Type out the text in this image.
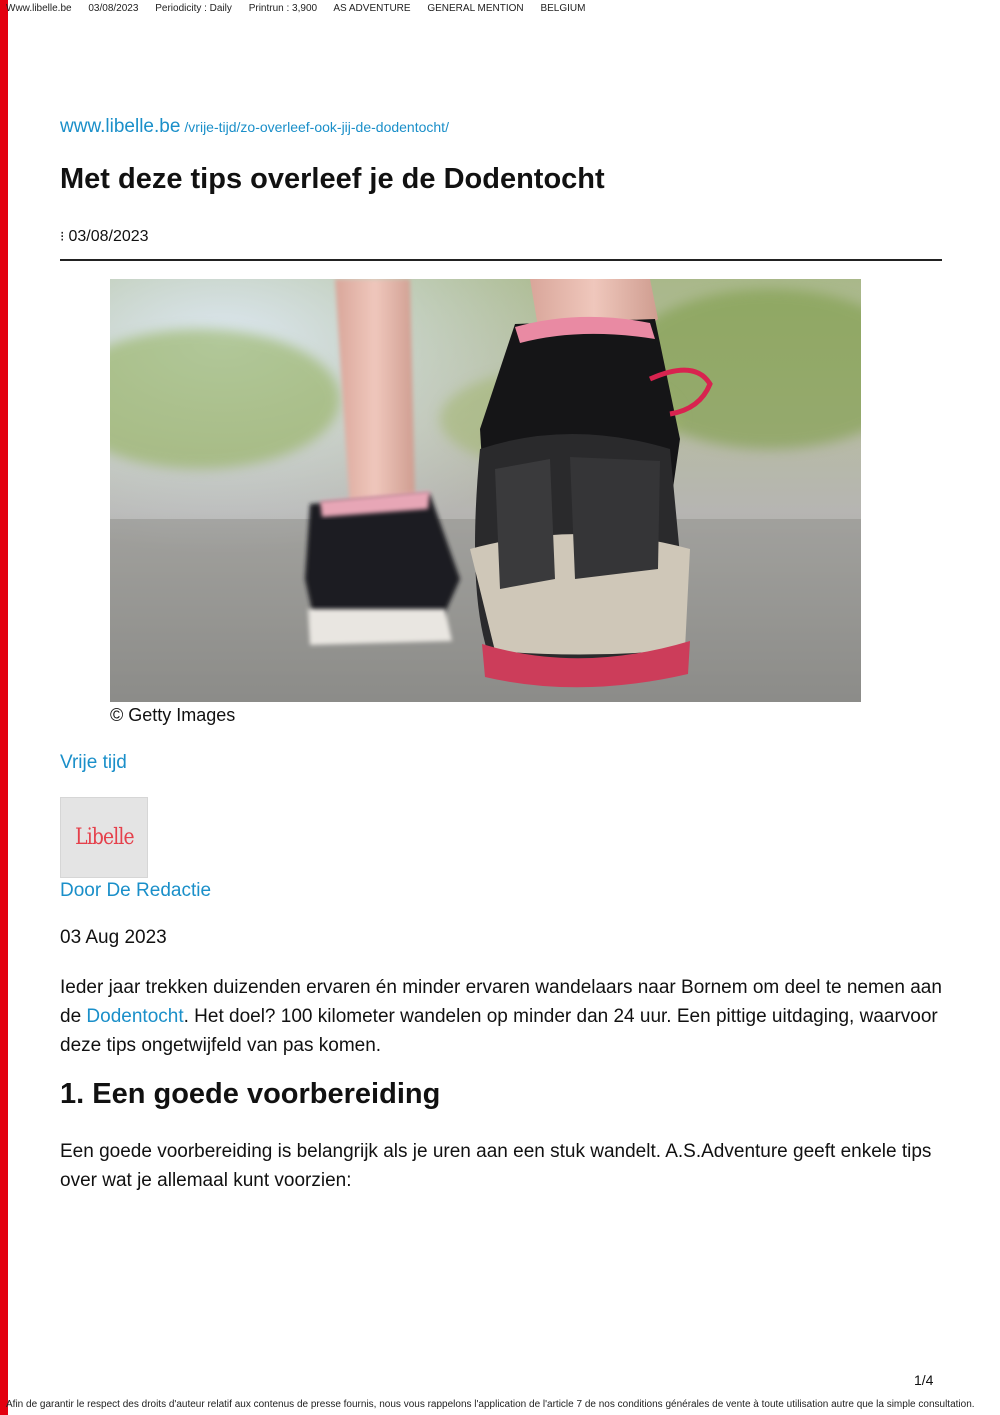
Www.libelle.be 03/08/2023 Periodicity : Daily Printrun : 3,900 AS ADVENTURE GENERAL MENTION BELGIUM
www.libelle.be /vrije-tijd/zo-overleef-ook-jij-de-dodentocht/
Met deze tips overleef je de Dodentocht
⁝ 03/08/2023
© Getty Images
Vrije tijd
Libelle
Door De Redactie
03 Aug 2023

Ieder jaar trekken duizenden ervaren én minder ervaren wandelaars naar Bornem om deel te nemen aan de Dodentocht. Het doel? 100 kilometer wandelen op minder dan 24 uur. Een pittige uitdaging, waarvoor deze tips ongetwijfeld van pas komen.

1. Een goede voorbereiding

Een goede voorbereiding is belangrijk als je uren aan een stuk wandelt. A.S.Adventure geeft enkele tips over wat je allemaal kunt voorzien:

1/4
Afin de garantir le respect des droits d'auteur relatif aux contenus de presse fournis, nous vous rappelons l'application de l'article 7 de nos conditions générales de vente à toute utilisation autre que la simple consultation.
